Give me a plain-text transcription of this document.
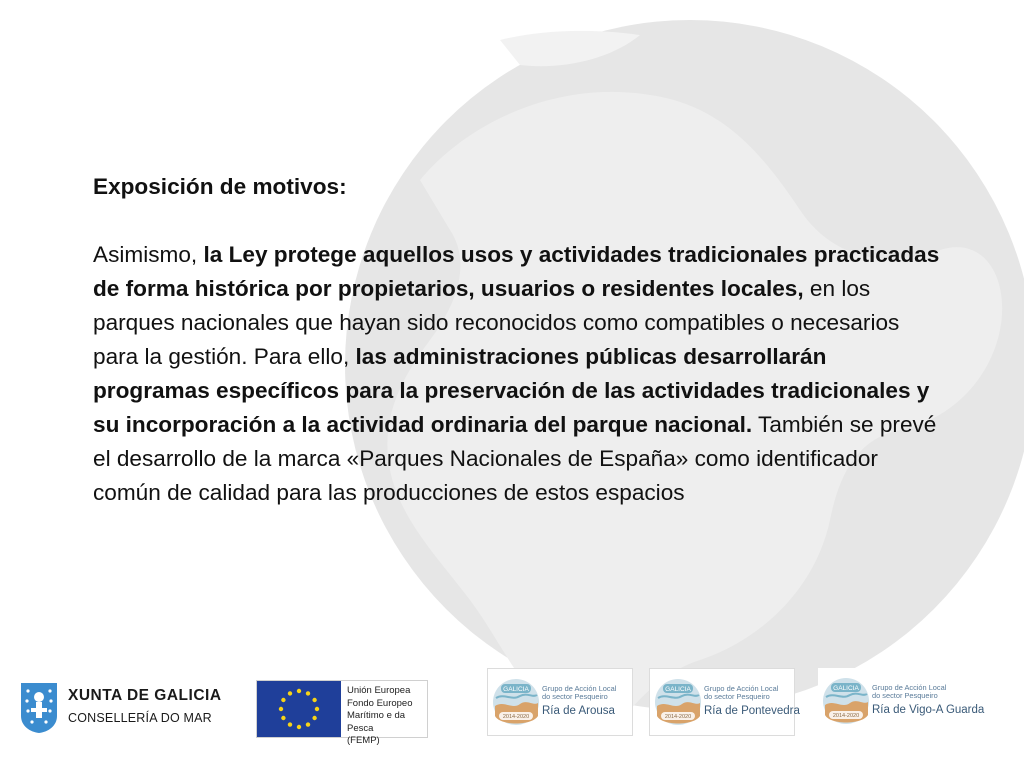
Exposición de motivos:

Asimismo, la Ley protege aquellos usos y actividades tradicionales practicadas de forma histórica por propietarios, usuarios o residentes locales, en los parques nacionales que hayan sido reconocidos como compatibles o necesarios para la gestión. Para ello, las administraciones públicas desarrollarán programas específicos para la preservación de las actividades tradicionales y su incorporación a la actividad ordinaria del parque nacional. También se prevé el desarrollo de la marca «Parques Nacionales de España» como identificador común de calidad para las producciones de estos espacios

XUNTA DE GALICIA
CONSELLERÍA DO MAR
Unión Europea
Fondo Europeo
Marítimo e da Pesca
(FEMP)
GALICIA
2014-2020
Grupo de Acción Local
do sector Pesqueiro
Ría de Arousa
GALICIA
2014-2020
Grupo de Acción Local
do sector Pesqueiro
Ría de Pontevedra
GALICIA
2014-2020
Grupo de Acción Local
do sector Pesqueiro
Ría de Vigo-A Guarda
